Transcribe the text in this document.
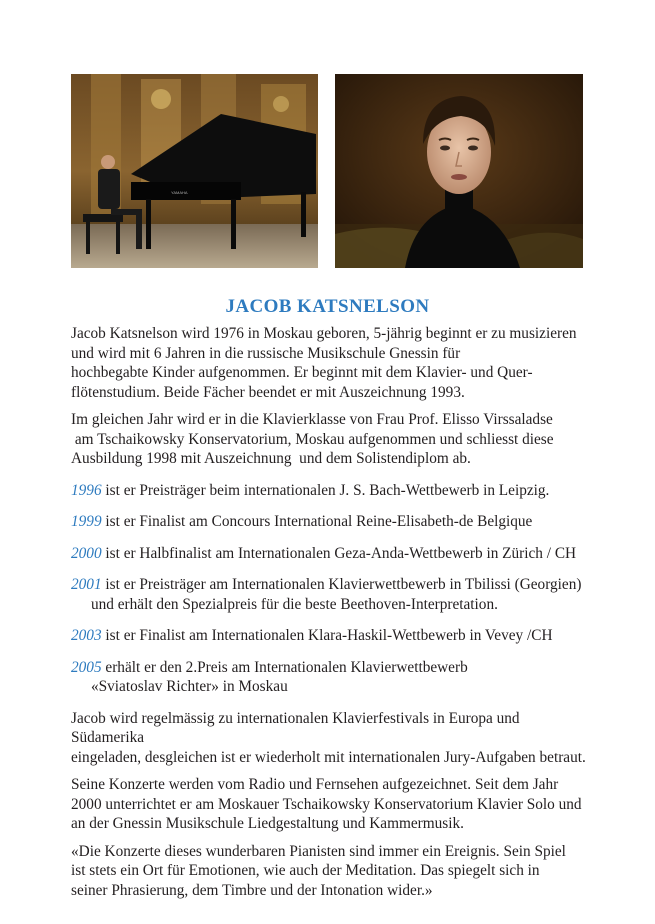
YAMAHA
JACOB KATSNELSON

Jacob Katsnelson wird 1976 in Moskau geboren, 5-jährig beginnt er zu musizieren
und wird mit 6 Jahren in die russische Musikschule Gnessin für
hochbegabte Kinder aufgenommen. Er beginnt mit dem Klavier- und Quer-
flötenstudium. Beide Fächer beendet er mit Auszeichnung 1993.

Im gleichen Jahr wird er in die Klavierklasse von Frau Prof. Elisso Virssaladse
am Tschaikowsky Konservatorium, Moskau aufgenommen und schliesst diese
Ausbildung 1998 mit Auszeichnung  und dem Solistendiplom ab.

1996 ist er Preisträger beim internationalen J. S. Bach-Wettbewerb in Leipzig.
1999 ist er Finalist am Concours International Reine-Elisabeth-de Belgique
2000 ist er Halbfinalist am Internationalen Geza-Anda-Wettbewerb in Zürich / CH
2001 ist er Preisträger am Internationalen Klavierwettbewerb in Tbilissi (Georgien)
und erhält den Spezialpreis für die beste Beethoven-Interpretation.
2003 ist er Finalist am Internationalen Klara-Haskil-Wettbewerb in Vevey /CH
2005 erhält er den 2.Preis am Internationalen Klavierwettbewerb
«Sviatoslav Richter» in Moskau

Jacob wird regelmässig zu internationalen Klavierfestivals in Europa und Südamerika
eingeladen, desgleichen ist er wiederholt mit internationalen Jury-Aufgaben betraut.

Seine Konzerte werden vom Radio und Fernsehen aufgezeichnet. Seit dem Jahr
2000 unterrichtet er am Moskauer Tschaikowsky Konservatorium Klavier Solo und
an der Gnessin Musikschule Liedgestaltung und Kammermusik.

«Die Konzerte dieses wunderbaren Pianisten sind immer ein Ereignis. Sein Spiel
ist stets ein Ort für Emotionen, wie auch der Meditation. Das spiegelt sich in
seiner Phrasierung, dem Timbre und der Intonation wider.»
